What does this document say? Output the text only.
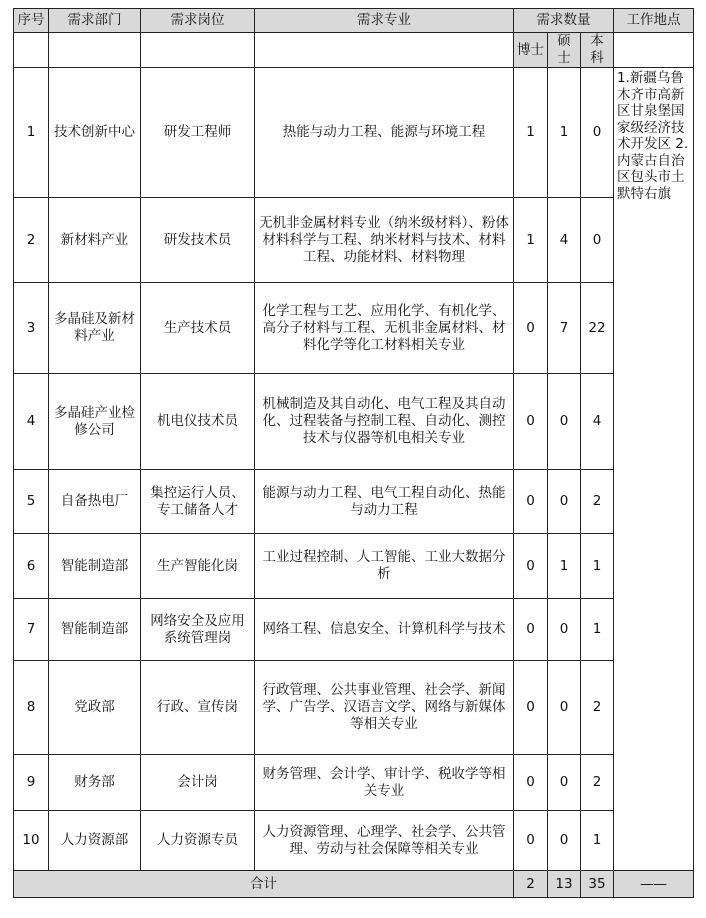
序号	需求部门	需求岗位	需求专业	需求数量			工作地点
				博士	硕士	本科	
1	技术创新中心	研发工程师	热能与动力工程、能源与环境工程	1	1	0	1.新疆乌鲁木齐市高新区甘泉堡国家级经济技术开发区 2.内蒙古自治区包头市土默特右旗
2	新材料产业	研发技术员	无机非金属材料专业（纳米级材料）、粉体材料科学与工程、纳米材料与技术、材料工程、功能材料、材料物理	1	4	0	
3	多晶硅及新材料产业	生产技术员	化学工程与工艺、应用化学、有机化学、高分子材料与工程、无机非金属材料、材料化学等化工材料相关专业	0	7	22	
4	多晶硅产业检修公司	机电仪技术员	机械制造及其自动化、电气工程及其自动化、过程装备与控制工程、自动化、测控技术与仪器等机电相关专业	0	0	4	
5	自备热电厂	集控运行人员、专工储备人才	能源与动力工程、电气工程自动化、热能与动力工程	0	0	2	
6	智能制造部	生产智能化岗	工业过程控制、人工智能、工业大数据分析	0	1	1	
7	智能制造部	网络安全及应用系统管理岗	网络工程、信息安全、计算机科学与技术	0	0	1	
8	党政部	行政、宣传岗	行政管理、公共事业管理、社会学、新闻学、广告学、汉语言文学、网络与新媒体等相关专业	0	0	2	
9	财务部	会计岗	财务管理、会计学、审计学、税收学等相关专业	0	0	2	
10	人力资源部	人力资源专员	人力资源管理、心理学、社会学、公共管理、劳动与社会保障等相关专业	0	0	1	
合计				2	13	35	——
